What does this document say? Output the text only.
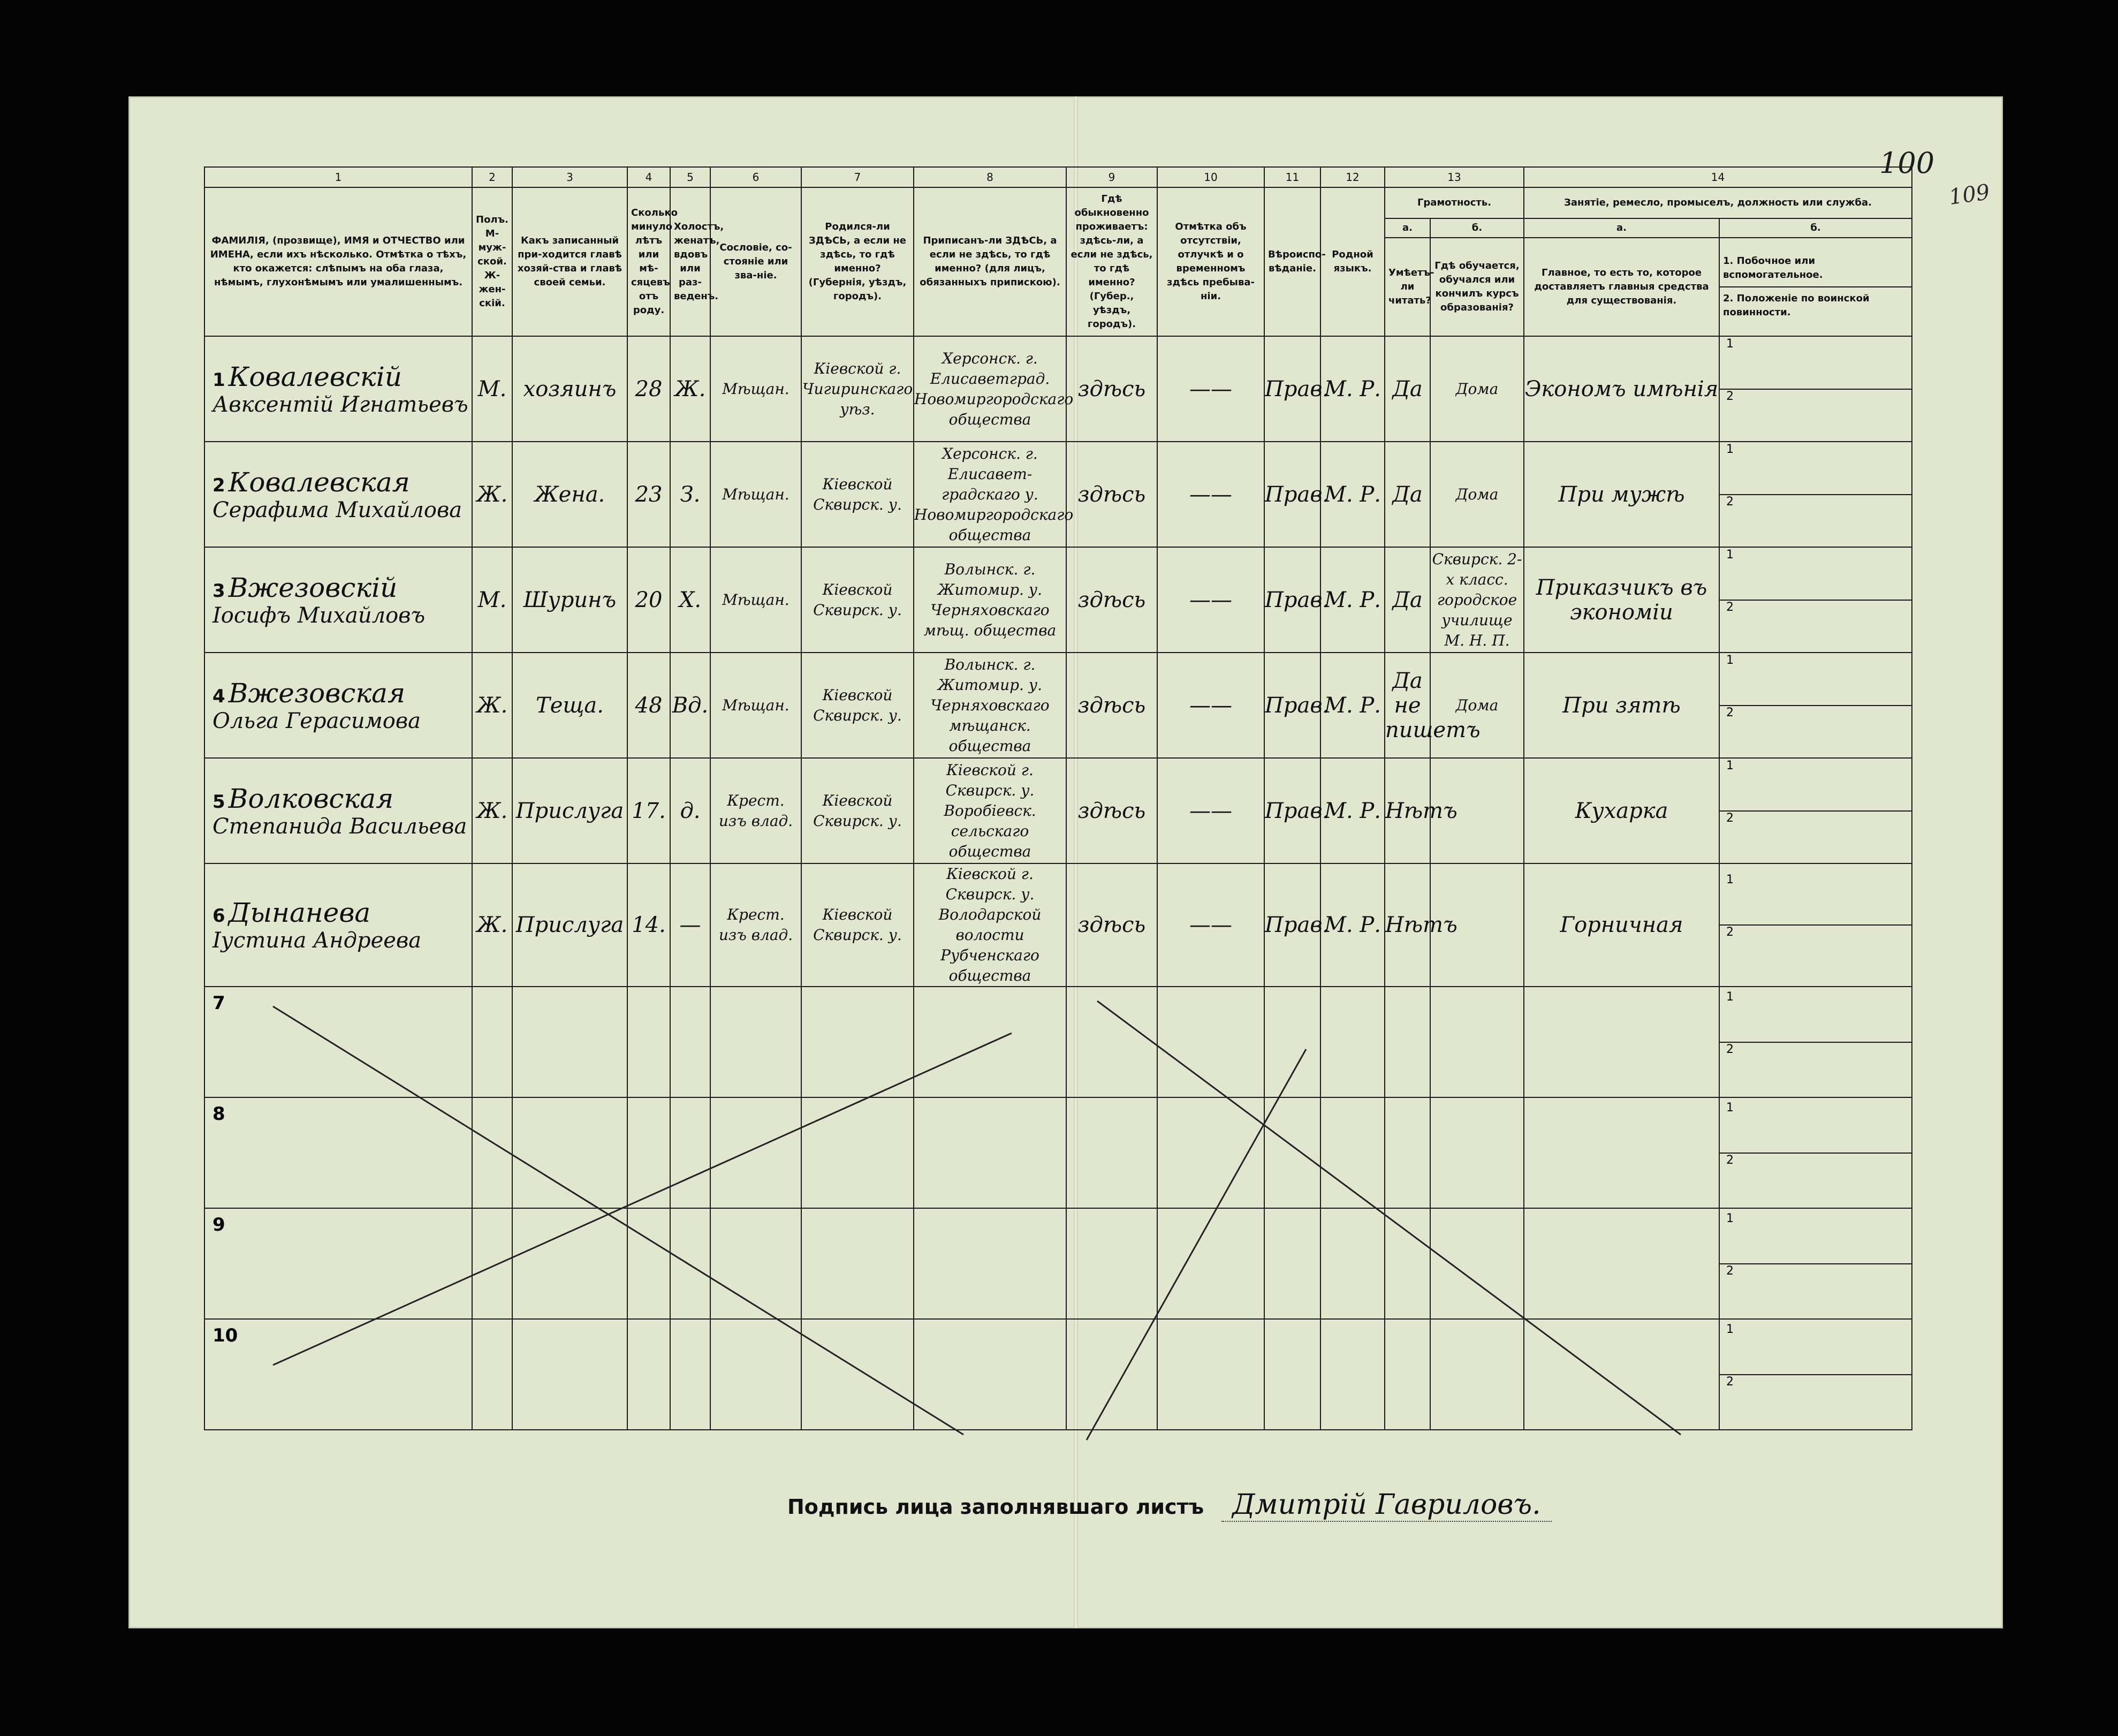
100
109
1	2	3	4	5	6	7	8	9	10	11	12	13		14	

ФАМИЛІЯ, (прозвище), ИМЯ и ОТЧЕСТВО или ИМЕНА, если ихъ нѣсколько. Отмѣтка о тѣхъ, кто окажется: слѣпымъ на оба глаза, нѣмымъ, глухонѣмымъ или умалишеннымъ.	Полъ. М-муж-ской. Ж-жен-скій.	Какъ записанный при-ходится главѣ хозяй-ства и главѣ своей семьи.	Сколько минуло лѣтъ или мѣ-сяцевъ отъ роду.	Холостъ, женатъ, вдовъ или раз-веденъ.	Сословіе, со-стояніе или зва-ніе.	Родился-ли ЗДѢСЬ, а если не здѣсь, то гдѣ именно? (Губернія, уѣздъ, городъ).	Приписанъ-ли ЗДѢСЬ, а если не здѣсь, то гдѣ именно? (для лицъ, обязанныхъ припискою).	Гдѣ обыкновенно проживаетъ: здѣсь-ли, а если не здѣсь, то гдѣ именно? (Губер., уѣздъ, городъ).	Отмѣтка объ отсутствіи, отлучкѣ и о временномъ здѣсь пребыва-ніи.	Вѣроиспо-вѣданіе.	Родной языкъ.	Грамотность.		Занятіе, ремесло, промыселъ, должность или служба.	

												а.	б.	а.	б.

												Умѣетъ-ли читать?	Гдѣ обучается, обучался или кончилъ курсъ образованія?	Главное, то есть то, которое доставляетъ главныя средства для существованія.	1. Побочное или вспомогательное.
2. Положеніе по воинской повинности.

1 Ковалевскій
Авксентій Игнатьевъ	М.	хозяинъ	28	Ж.	Мѣщан.	Кіевской г. Чигиринскаго уѣз.	Херсонск. г. Елисаветград. Новомиргородскаго общества	здѣсь	——	Прав.	М. Р.	Да	Дома	Экономъ имѣнія	1
2

2 Ковалевская
Серафима Михайлова	Ж.	Жена.	23	З.	Мѣщан.	Кіевской Сквирск. у.	Херсонск. г. Елисавет-градскаго у. Новомиргородскаго общества	здѣсь	——	Прав.	М. Р.	Да	Дома	При мужѣ	1
2

3 Вжезовскій
Іосифъ Михайловъ	М.	Шуринъ	20	Х.	Мѣщан.	Кіевской Сквирск. у.	Волынск. г. Житомир. у. Черняховскаго мѣщ. общества	здѣсь	——	Прав.	М. Р.	Да	Сквирск. 2-х класс. городское училище М. Н. П.	Приказчикъ въ экономіи	1
2

4 Вжезовская
Ольга Герасимова	Ж.	Теща.	48	Вд.	Мѣщан.	Кіевской Сквирск. у.	Волынск. г. Житомир. у. Черняховскаго мѣщанск. общества	здѣсь	——	Прав.	М. Р.	Да не пишетъ	Дома	При зятѣ	1
2

5 Волковская
Степанида Васильева	Ж.	Прислуга	17.	д.	Крест. изъ влад.	Кіевской Сквирск. у.	Кіевской г. Сквирск. у. Воробіевск. сельскаго общества	здѣсь	——	Прав.	М. Р.	Нѣтъ		Кухарка	1
2

6 Дынанева
Іустина Андреева	Ж.	Прислуга	14.	—	Крест. изъ влад.	Кіевской Сквирск. у.	Кіевской г. Сквирск. у. Володарской волости Рубченскаго общества	здѣсь	——	Прав.	М. Р.	Нѣтъ		Горничная	1
2

7															1
2

8															1
2

9															1
2

10															1
2
Подпись лица заполнявшаго листъ Дмитрій Гавриловъ.
